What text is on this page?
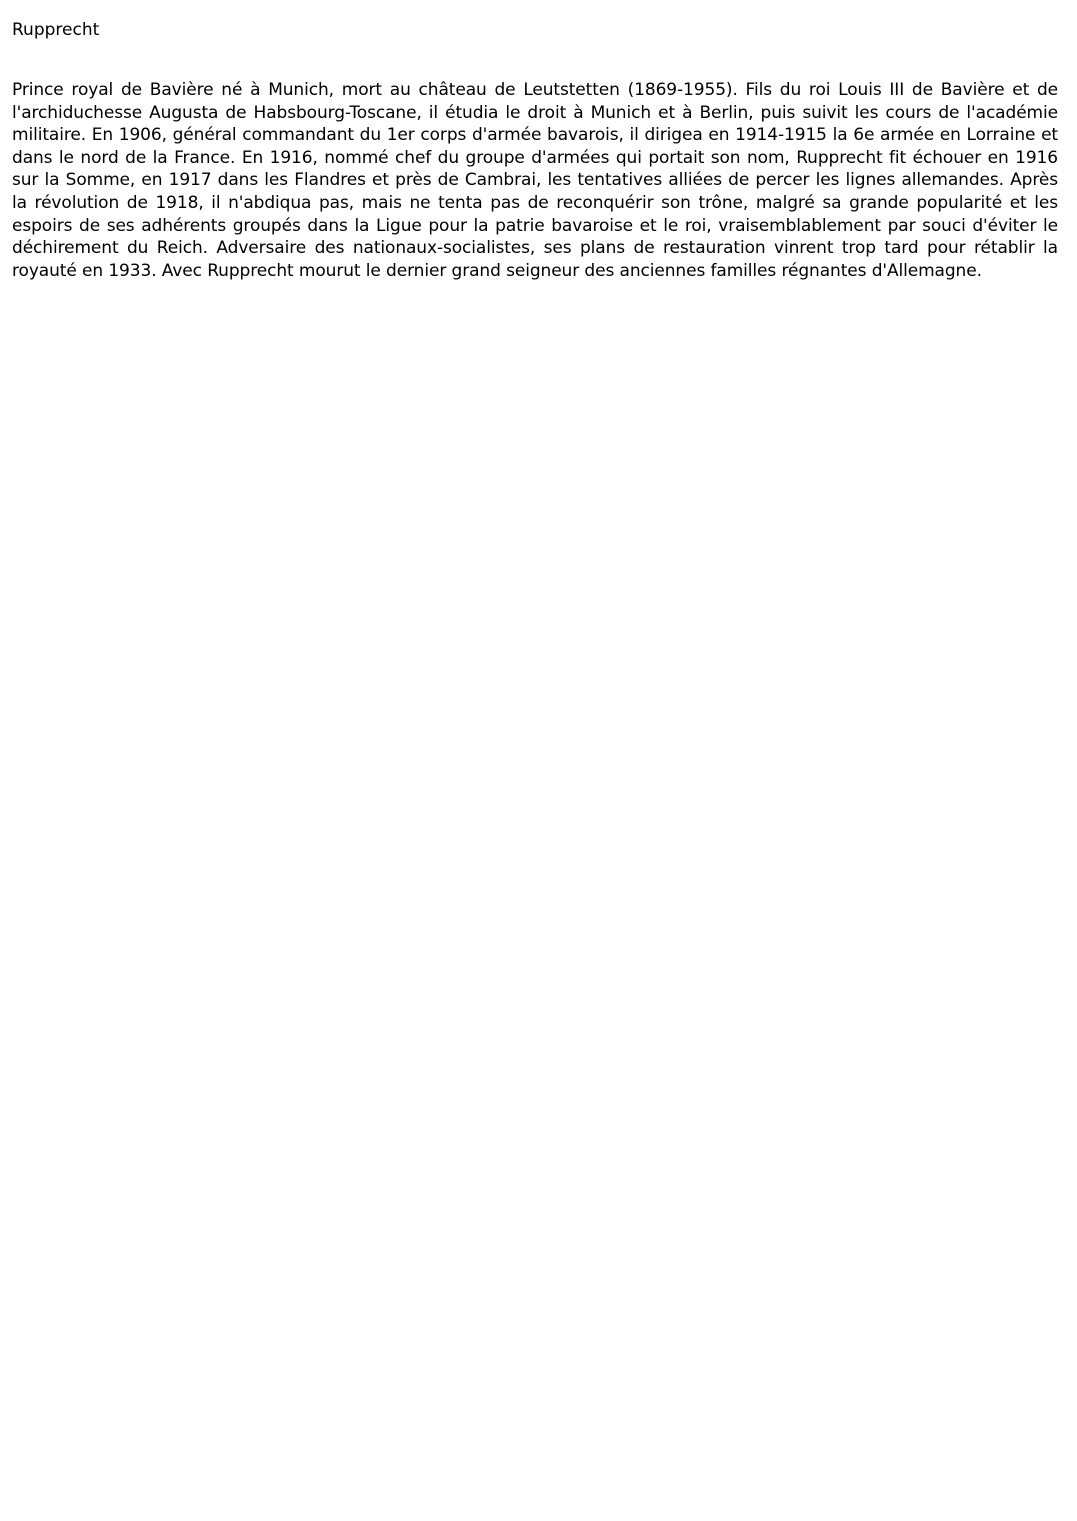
Rupprecht

Prince royal de Bavière né à Munich, mort au château de Leutstetten (1869-1955). Fils du roi Louis III de Bavière et de l'archiduchesse Augusta de Habsbourg-Toscane, il étudia le droit à Munich et à Berlin, puis suivit les cours de l'académie militaire. En 1906, général commandant du 1er corps d'armée bavarois, il dirigea en 1914-1915 la 6e armée en Lorraine et dans le nord de la France. En 1916, nommé chef du groupe d'armées qui portait son nom, Rupprecht fit échouer en 1916 sur la Somme, en 1917 dans les Flandres et près de Cambrai, les tentatives alliées de percer les lignes allemandes. Après la révolution de 1918, il n'abdiqua pas, mais ne tenta pas de reconquérir son trône, malgré sa grande popularité et les espoirs de ses adhérents groupés dans la Ligue pour la patrie bavaroise et le roi, vraisemblablement par souci d'éviter le déchirement du Reich. Adversaire des nationaux-socialistes, ses plans de restauration vinrent trop tard pour rétablir la royauté en 1933. Avec Rupprecht mourut le dernier grand seigneur des anciennes familles régnantes d'Allemagne.
